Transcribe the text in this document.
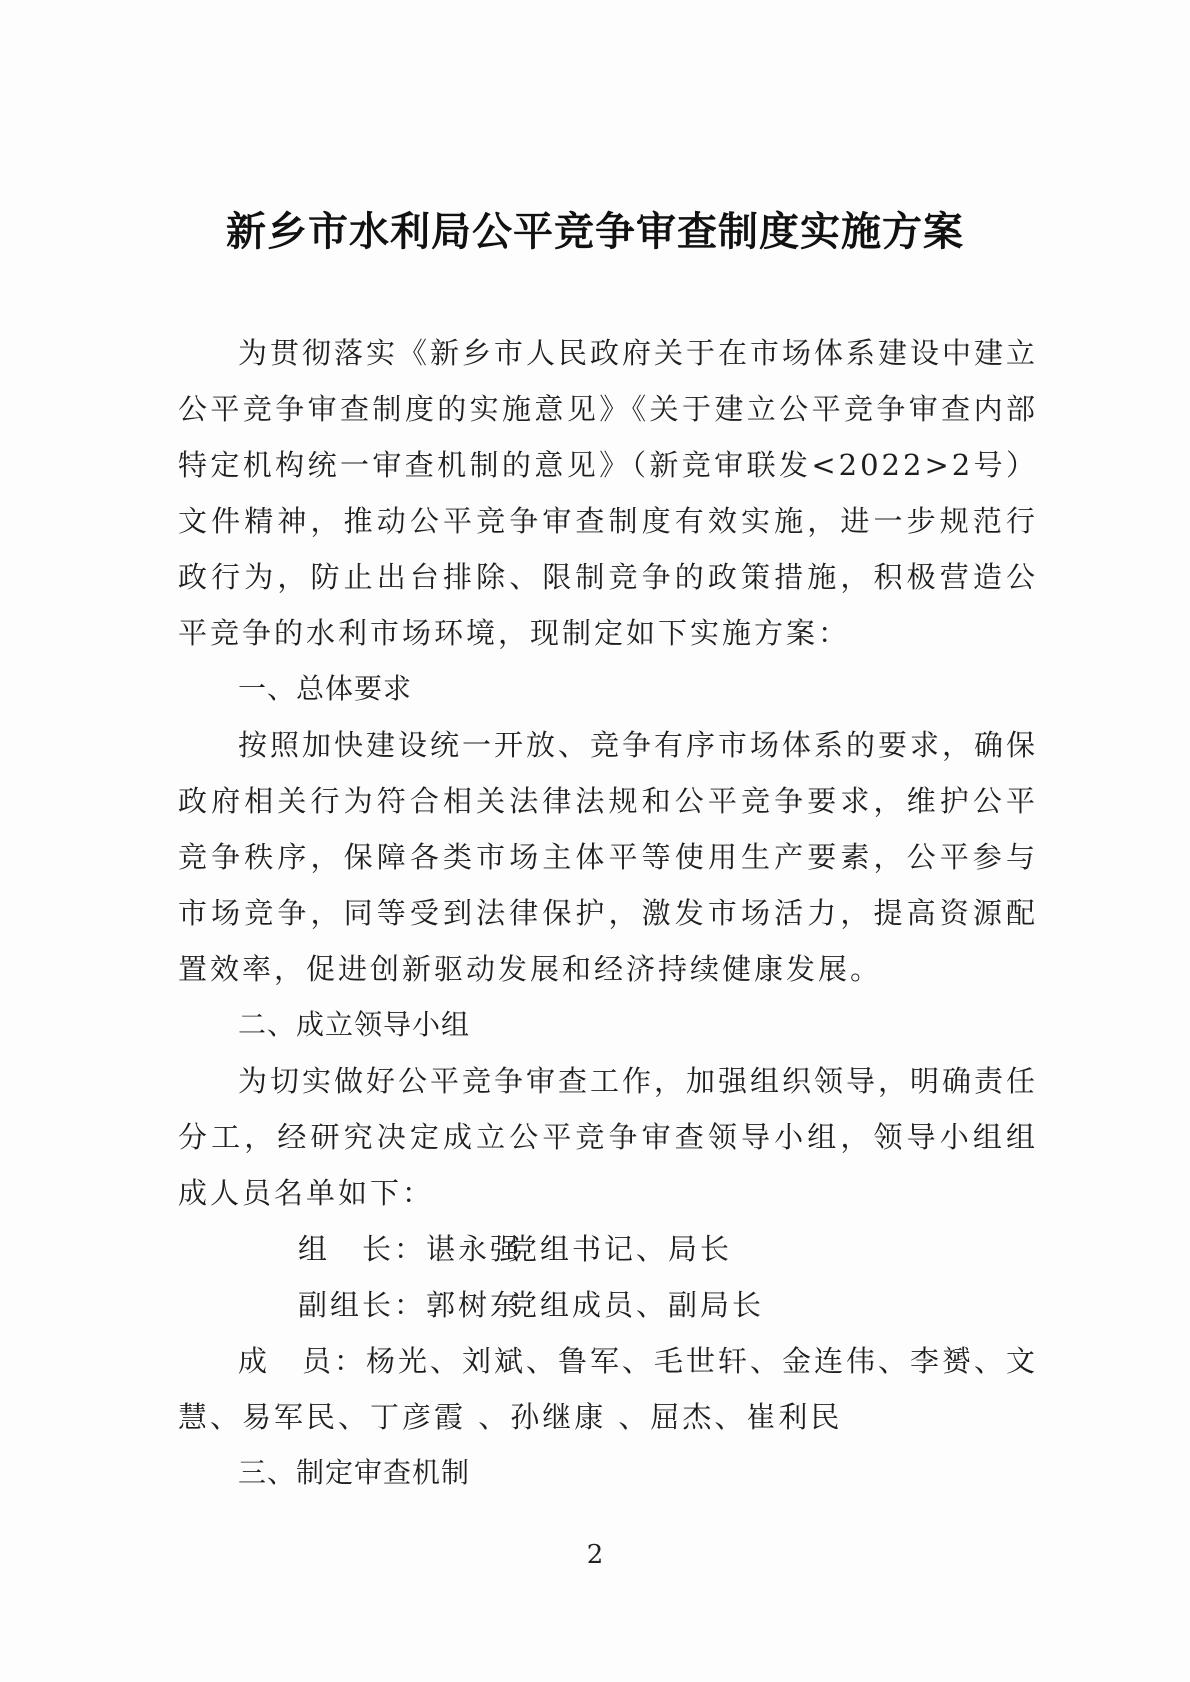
新乡市水利局公平竞争审查制度实施方案

为贯彻落实《新乡市人民政府关于在市场体系建设中建立公平竞争审查制度的实施意见》《关于建立公平竞争审查内部特定机构统一审查机制的意见》（新竞审联发<2022>2号）文件精神，推动公平竞争审查制度有效实施，进一步规范行政行为，防止出台排除、限制竞争的政策措施，积极营造公平竞争的水利市场环境，现制定如下实施方案：

一、总体要求

按照加快建设统一开放、竞争有序市场体系的要求，确保政府相关行为符合相关法律法规和公平竞争要求，维护公平竞争秩序，保障各类市场主体平等使用生产要素，公平参与市场竞争，同等受到法律保护，激发市场活力，提高资源配置效率，促进创新驱动发展和经济持续健康发展。

二、成立领导小组

为切实做好公平竞争审查工作，加强组织领导，明确责任分工，经研究决定成立公平竞争审查领导小组，领导小组组成人员名单如下：

组　长：谌永强党组书记、局长

副组长：郭树东党组成员、副局长

成　员：杨光、刘斌、鲁军、毛世轩、金连伟、李赟、文慧、易军民、丁彦霞 、孙继康 、屈杰、崔利民

三、制定审查机制

2
